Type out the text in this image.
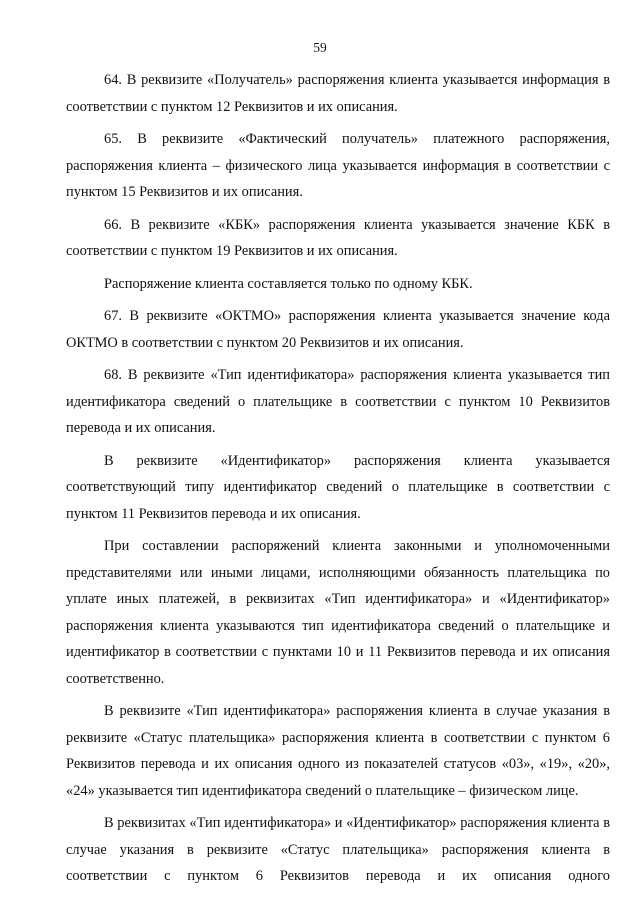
59

64. В реквизите «Получатель» распоряжения клиента указывается информация в соответствии с пунктом 12 Реквизитов и их описания.

65. В реквизите «Фактический получатель» платежного распоряжения, распоряжения клиента – физического лица указывается информация в соответствии с пунктом 15 Реквизитов и их описания.

66. В реквизите «КБК» распоряжения клиента указывается значение КБК в соответствии с пунктом 19 Реквизитов и их описания.

Распоряжение клиента составляется только по одному КБК.

67. В реквизите «ОКТМО» распоряжения клиента указывается значение кода ОКТМО в соответствии с пунктом 20 Реквизитов и их описания.

68. В реквизите «Тип идентификатора» распоряжения клиента указывается тип идентификатора сведений о плательщике в соответствии с пунктом 10 Реквизитов перевода и их описания.

В реквизите «Идентификатор» распоряжения клиента указывается соответствующий типу идентификатор сведений о плательщике в соответствии с пунктом 11 Реквизитов перевода и их описания.

При составлении распоряжений клиента законными и уполномоченными представителями или иными лицами, исполняющими обязанность плательщика по уплате иных платежей, в реквизитах «Тип идентификатора» и «Идентификатор» распоряжения клиента указываются тип идентификатора сведений о плательщике и идентификатор в соответствии с пунктами 10 и 11 Реквизитов перевода и их описания соответственно.

В реквизите «Тип идентификатора» распоряжения клиента в случае указания в реквизите «Статус плательщика» распоряжения клиента в соответствии с пунктом 6 Реквизитов перевода и их описания одного из показателей статусов «03», «19», «20», «24» указывается тип идентификатора сведений о плательщике – физическом лице.

В реквизитах «Тип идентификатора» и «Идентификатор» распоряжения клиента в случае указания в реквизите «Статус плательщика» распоряжения клиента в соответствии с пунктом 6 Реквизитов перевода и их описания одного
